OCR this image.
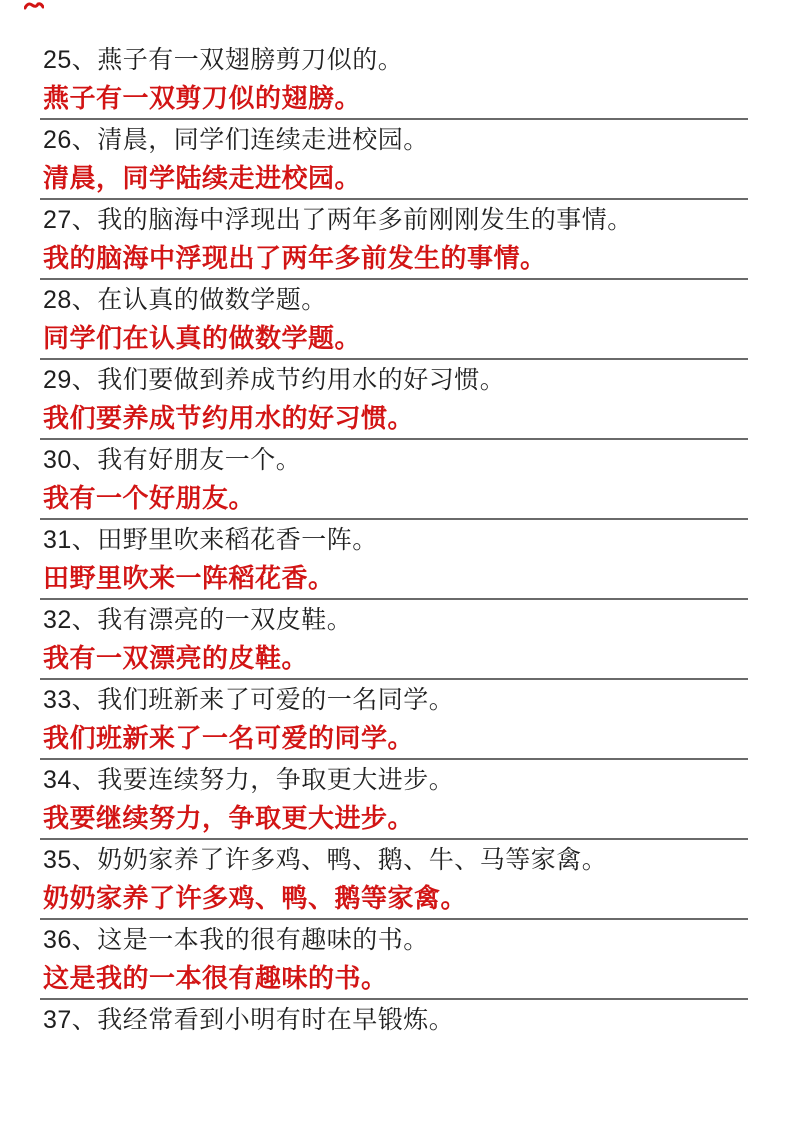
25、燕子有一双翅膀剪刀似的。
燕子有一双剪刀似的翅膀。
26、清晨，同学们连续走进校园。
清晨，同学陆续走进校园。
27、我的脑海中浮现出了两年多前刚刚发生的事情。
我的脑海中浮现出了两年多前发生的事情。
28、在认真的做数学题。
同学们在认真的做数学题。
29、我们要做到养成节约用水的好习惯。
我们要养成节约用水的好习惯。
30、我有好朋友一个。
我有一个好朋友。
31、田野里吹来稻花香一阵。
田野里吹来一阵稻花香。
32、我有漂亮的一双皮鞋。
我有一双漂亮的皮鞋。
33、我们班新来了可爱的一名同学。
我们班新来了一名可爱的同学。
34、我要连续努力，争取更大进步。
我要继续努力，争取更大进步。
35、奶奶家养了许多鸡、鸭、鹅、牛、马等家禽。
奶奶家养了许多鸡、鸭、鹅等家禽。
36、这是一本我的很有趣味的书。
这是我的一本很有趣味的书。
37、我经常看到小明有时在早锻炼。
